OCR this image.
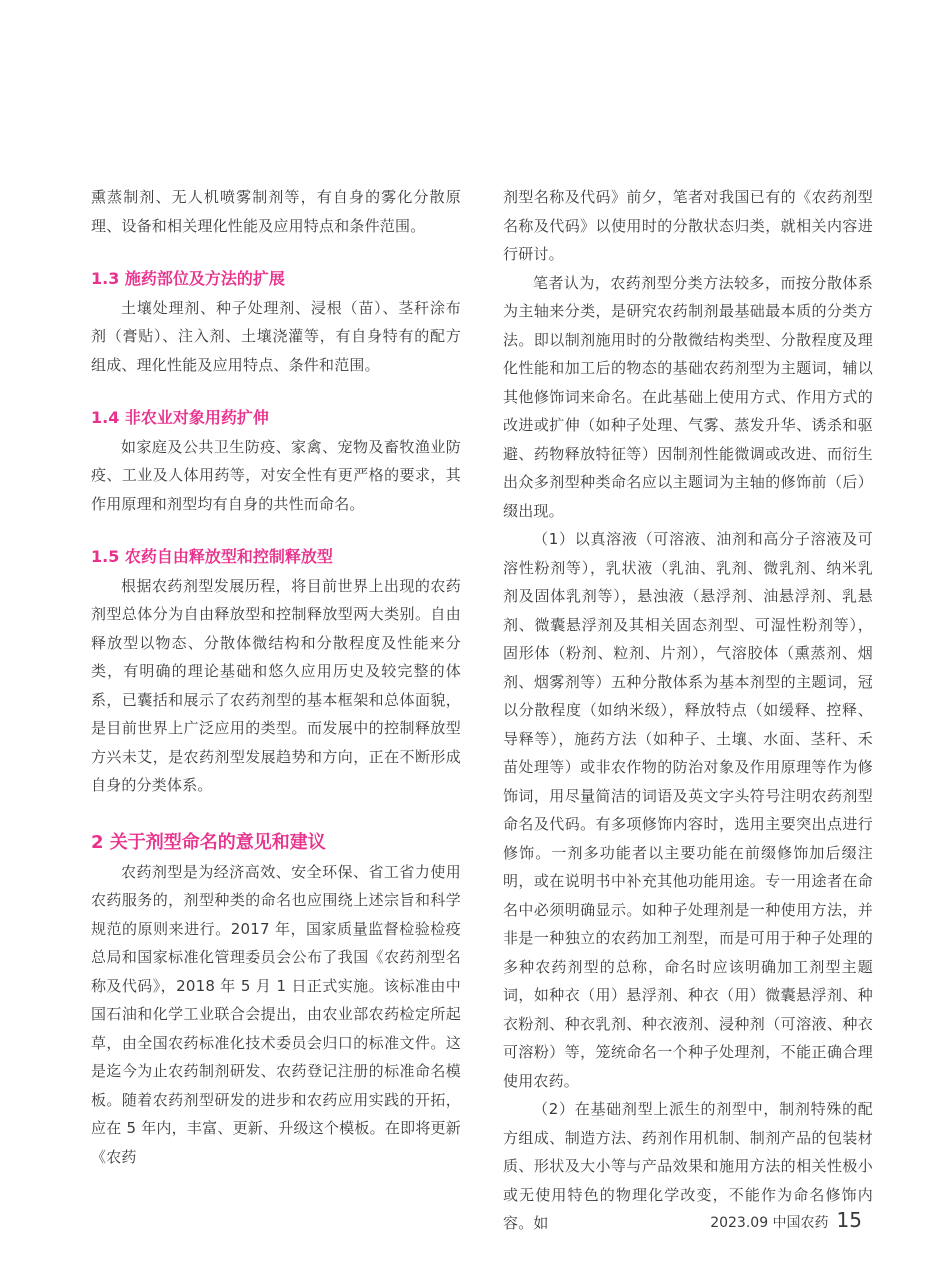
熏蒸制剂、无人机喷雾制剂等，有自身的雾化分散原理、设备和相关理化性能及应用特点和条件范围。

1.3 施药部位及方法的扩展

土壤处理剂、种子处理剂、浸根（苗）、茎秆涂布剂（膏贴）、注入剂、土壤浇灌等，有自身特有的配方组成、理化性能及应用特点、条件和范围。

1.4 非农业对象用药扩伸

如家庭及公共卫生防疫、家禽、宠物及畜牧渔业防疫、工业及人体用药等，对安全性有更严格的要求，其作用原理和剂型均有自身的共性而命名。

1.5 农药自由释放型和控制释放型

根据农药剂型发展历程，将目前世界上出现的农药剂型总体分为自由释放型和控制释放型两大类别。自由释放型以物态、分散体微结构和分散程度及性能来分类，有明确的理论基础和悠久应用历史及较完整的体系，已囊括和展示了农药剂型的基本框架和总体面貌，是目前世界上广泛应用的类型。而发展中的控制释放型方兴未艾，是农药剂型发展趋势和方向，正在不断形成自身的分类体系。

2 关于剂型命名的意见和建议

农药剂型是为经济高效、安全环保、省工省力使用农药服务的，剂型种类的命名也应围绕上述宗旨和科学规范的原则来进行。2017 年，国家质量监督检验检疫总局和国家标准化管理委员会公布了我国《农药剂型名称及代码》，2018 年 5 月 1 日正式实施。该标准由中国石油和化学工业联合会提出，由农业部农药检定所起草，由全国农药标准化技术委员会归口的标准文件。这是迄今为止农药制剂研发、农药登记注册的标准命名模板。随着农药剂型研发的进步和农药应用实践的开拓，应在 5 年内，丰富、更新、升级这个模板。在即将更新《农药

剂型名称及代码》前夕，笔者对我国已有的《农药剂型名称及代码》以使用时的分散状态归类，就相关内容进行研讨。

笔者认为，农药剂型分类方法较多，而按分散体系为主轴来分类，是研究农药制剂最基础最本质的分类方法。即以制剂施用时的分散微结构类型、分散程度及理化性能和加工后的物态的基础农药剂型为主题词，辅以其他修饰词来命名。在此基础上使用方式、作用方式的改进或扩伸（如种子处理、气雾、蒸发升华、诱杀和驱避、药物释放特征等）因制剂性能微调或改进、而衍生出众多剂型种类命名应以主题词为主轴的修饰前（后）缀出现。

（1）以真溶液（可溶液、油剂和高分子溶液及可溶性粉剂等），乳状液（乳油、乳剂、微乳剂、纳米乳剂及固体乳剂等），悬浊液（悬浮剂、油悬浮剂、乳悬剂、微囊悬浮剂及其相关固态剂型、可湿性粉剂等），固形体（粉剂、粒剂、片剂），气溶胶体（熏蒸剂、烟剂、烟雾剂等）五种分散体系为基本剂型的主题词，冠以分散程度（如纳米级），释放特点（如缓释、控释、导释等），施药方法（如种子、土壤、水面、茎秆、禾苗处理等）或非农作物的防治对象及作用原理等作为修饰词，用尽量简洁的词语及英文字头符号注明农药剂型命名及代码。有多项修饰内容时，选用主要突出点进行修饰。一剂多功能者以主要功能在前缀修饰加后缀注明，或在说明书中补充其他功能用途。专一用途者在命名中必须明确显示。如种子处理剂是一种使用方法，并非是一种独立的农药加工剂型，而是可用于种子处理的多种农药剂型的总称，命名时应该明确加工剂型主题词，如种衣（用）悬浮剂、种衣（用）微囊悬浮剂、种衣粉剂、种衣乳剂、种衣液剂、浸种剂（可溶液、种衣可溶粉）等，笼统命名一个种子处理剂，不能正确合理使用农药。

（2）在基础剂型上派生的剂型中，制剂特殊的配方组成、制造方法、药剂作用机制、制剂产品的包装材质、形状及大小等与产品效果和施用方法的相关性极小或无使用特色的物理化学改变，不能作为命名修饰内容。如	2023.09 中国农药 15
